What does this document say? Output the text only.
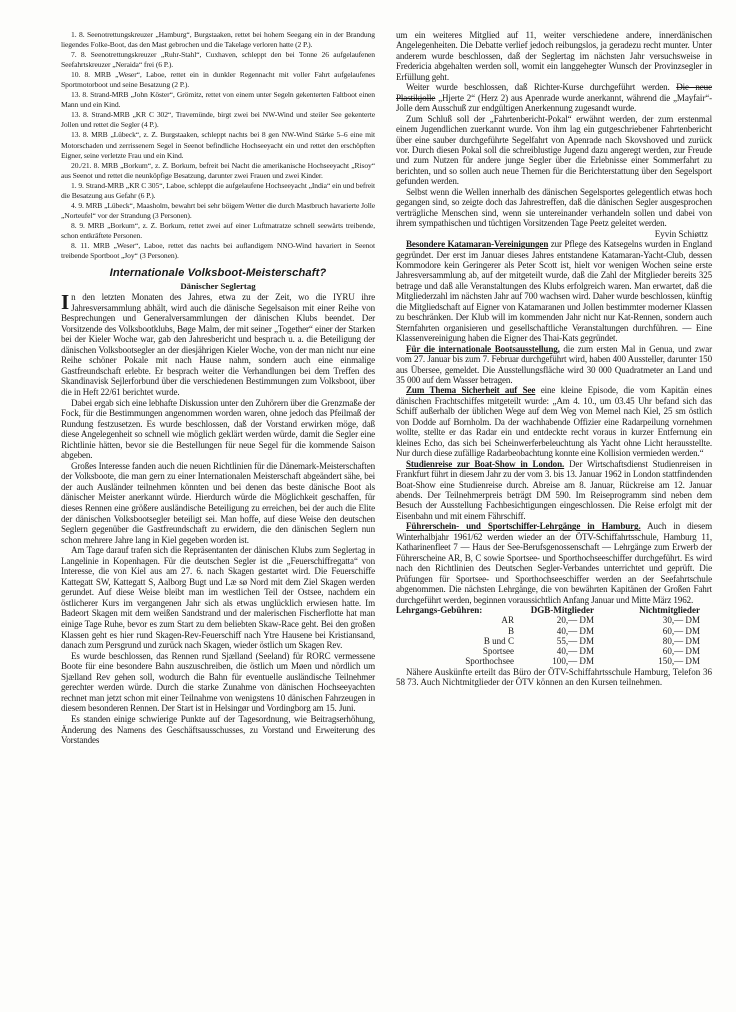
1. 8. Seenotrettungskreuzer „Hamburg“, Burgstaaken, rettet bei hohem Seegang ein in der Brandung liegendes Folke-Boot, das den Mast gebrochen und die Takelage verloren hatte (2 P.).

7. 8. Seenotrettungskreuzer „Ruhr-Stahl“, Cuxhaven, schleppt den bei Tonne 26 aufgelaufenen Seefahrtskreuzer „Neraida“ frei (6 P.).

10. 8. MRB „Weser“, Laboe, rettet ein in dunkler Regennacht mit voller Fahrt aufgelaufenes Sportmotorboot und seine Besatzung (2 P.).

13. 8. Strand-MRB „John Köster“, Grömitz, rettet von einem unter Segeln gekenterten Faltboot einen Mann und ein Kind.

13. 8. Strand-MRB „KR C 302“, Travemünde, birgt zwei bei NW-Wind und steiler See gekenterte Jollen und rettet die Segler (4 P.).

13. 8. MRB „Lübeck“, z. Z. Burgstaaken, schleppt nachts bei 8 gen NW-Wind Stärke 5–6 eine mit Motorschaden und zerrissenem Segel in Seenot befindliche Hochseeyacht ein und rettet den erschöpften Eigner, seine verletzte Frau und ein Kind.

20./21. 8. MRB „Borkum“, z. Z. Borkum, befreit bei Nacht die amerikanische Hochseeyacht „Risoy“ aus Seenot und rettet die neunköpfige Besatzung, darunter zwei Frauen und zwei Kinder.

1. 9. Strand-MRB „KR C 305“, Laboe, schleppt die aufgelaufene Hochseeyacht „India“ ein und befreit die Besatzung aus Gefahr (6 P.).

4. 9. MRB „Lübeck“, Maasholm, bewahrt bei sehr böigem Wetter die durch Mastbruch havarierte Jolle „Norteufel“ vor der Strandung (3 Personen).

8. 9. MRB „Borkum“, z. Z. Borkum, rettet zwei auf einer Luftmatratze schnell seewärts treibende, schon entkräftete Personen.

8. 11. MRB „Weser“, Laboe, rettet das nachts bei auflandigem NNO-Wind havariert in Seenot treibende Sportboot „Joy“ (3 Personen).

Internationale Volksboot-Meisterschaft?
Dänischer Seglertag

In den letzten Monaten des Jahres, etwa zu der Zeit, wo die IYRU ihre Jahresversammlung abhält, wird auch die dänische Segelsaison mit einer Reihe von Besprechungen und Generalversammlungen der dänischen Klubs beendet. Der Vorsitzende des Volksbootklubs, Bøge Malm, der mit seiner „Together“ einer der Starken bei der Kieler Woche war, gab den Jahresbericht und besprach u. a. die Beteiligung der dänischen Volksbootsegler an der diesjährigen Kieler Woche, von der man nicht nur eine Reihe schöner Pokale mit nach Hause nahm, sondern auch eine einmalige Gastfreundschaft erlebte. Er besprach weiter die Verhandlungen bei dem Treffen des Skandinavisk Sejlerforbund über die verschiedenen Bestimmungen zum Volksboot, über die in Heft 22/61 berichtet wurde.

Dabei ergab sich eine lebhafte Diskussion unter den Zuhörern über die Grenzmaße der Fock, für die Bestimmungen angenommen worden waren, ohne jedoch das Pfeilmaß der Rundung festzusetzen. Es wurde beschlossen, daß der Vorstand erwirken möge, daß diese Angelegenheit so schnell wie möglich geklärt werden würde, damit die Segler eine Richtlinie hätten, bevor sie die Bestellungen für neue Segel für die kommende Saison abgeben.

Großes Interesse fanden auch die neuen Richtlinien für die Dänemark-Meisterschaften der Volksboote, die man gern zu einer Internationalen Meisterschaft abgeändert sähe, bei der auch Ausländer teilnehmen könnten und bei denen das beste dänische Boot als dänischer Meister anerkannt würde. Hierdurch würde die Möglichkeit geschaffen, für dieses Rennen eine größere ausländische Beteiligung zu erreichen, bei der auch die Elite der dänischen Volksbootsegler beteiligt sei. Man hoffe, auf diese Weise den deutschen Seglern gegenüber die Gastfreundschaft zu erwidern, die den dänischen Seglern nun schon mehrere Jahre lang in Kiel gegeben worden ist.

Am Tage darauf trafen sich die Repräsentanten der dänischen Klubs zum Seglertag in Langelinie in Kopenhagen. Für die deutschen Segler ist die „Feuerschiffregatta“ von Interesse, die von Kiel aus am 27. 6. nach Skagen gestartet wird. Die Feuerschiffe Kattegatt SW, Kattegatt S, Aalborg Bugt und Læ sø Nord mit dem Ziel Skagen werden gerundet. Auf diese Weise bleibt man im westlichen Teil der Ostsee, nachdem ein östlicherer Kurs im vergangenen Jahr sich als etwas unglücklich erwiesen hatte. Im Badeort Skagen mit dem weißen Sandstrand und der malerischen Fischerflotte hat man einige Tage Ruhe, bevor es zum Start zu dem beliebten Skaw-Race geht. Bei den großen Klassen geht es hier rund Skagen-Rev-Feuerschiff nach Ytre Hausene bei Kristiansand, danach zum Persgrund und zurück nach Skagen, wieder östlich um Skagen Rev.

Es wurde beschlossen, das Rennen rund Sjælland (Seeland) für RORC vermessene Boote für eine besondere Bahn auszuschreiben, die östlich um Møen und nördlich um Sjælland Rev gehen soll, wodurch die Bahn für eventuelle ausländische Teilnehmer gerechter werden würde. Durch die starke Zunahme von dänischen Hochseeyachten rechnet man jetzt schon mit einer Teilnahme von wenigstens 10 dänischen Fahrzeugen in diesem besonderen Rennen. Der Start ist in Helsingør und Vordingborg am 15. Juni.

Es standen einige schwierige Punkte auf der Tagesordnung, wie Beitragserhöhung, Änderung des Namens des Geschäftsausschusses, zu Vorstand und Erweiterung des Vorstandes

um ein weiteres Mitglied auf 11, weiter verschiedene andere, innerdänischen Angelegenheiten. Die Debatte verlief jedoch reibungslos, ja geradezu recht munter. Unter anderem wurde beschlossen, daß der Seglertag im nächsten Jahr versuchsweise in Fredericia abgehalten werden soll, womit ein langgehegter Wunsch der Provinzsegler in Erfüllung geht.

Weiter wurde beschlossen, daß Richter-Kurse durchgeführt werden. Die neue Plastikjolle „Hjerte 2“ (Herz 2) aus Apenrade wurde anerkannt, während die „Mayfair“-Jolle dem Ausschuß zur endgültigen Anerkennung zugesandt wurde.

Zum Schluß soll der „Fahrtenbericht-Pokal“ erwähnt werden, der zum erstenmal einem Jugendlichen zuerkannt wurde. Von ihm lag ein gutgeschriebener Fahrtenbericht über eine sauber durchgeführte Segelfahrt von Apenrade nach Skovshoved und zurück vor. Durch diesen Pokal soll die schreiblustige Jugend dazu angeregt werden, zur Freude und zum Nutzen für andere junge Segler über die Erlebnisse einer Sommerfahrt zu berichten, und so sollen auch neue Themen für die Berichterstattung über den Segelsport gefunden werden.

Selbst wenn die Wellen innerhalb des dänischen Segelsportes gelegentlich etwas hoch gegangen sind, so zeigte doch das Jahrestreffen, daß die dänischen Segler ausgesprochen verträgliche Menschen sind, wenn sie untereinander verhandeln sollen und dabei von ihrem sympathischen und tüchtigen Vorsitzenden Tage Peetz geleitet werden.

Eyvin Schiøttz

Besondere Katamaran-Vereinigungen zur Pflege des Katsegelns wurden in England gegründet. Der erst im Januar dieses Jahres entstandene Katamaran-Yacht-Club, dessen Kommodore kein Geringerer als Peter Scott ist, hielt vor wenigen Wochen seine erste Jahresversammlung ab, auf der mitgeteilt wurde, daß die Zahl der Mitglieder bereits 325 betrage und daß alle Veranstaltungen des Klubs erfolgreich waren. Man erwartet, daß die Mitgliederzahl im nächsten Jahr auf 700 wachsen wird. Daher wurde beschlossen, künftig die Mitgliedschaft auf Eigner von Katamaranen und Jollen bestimmter moderner Klassen zu beschränken. Der Klub will im kommenden Jahr nicht nur Kat-Rennen, sondern auch Sternfahrten organisieren und gesellschaftliche Veranstaltungen durchführen. — Eine Klassenvereinigung haben die Eigner des Thai-Kats gegründet.

Für die internationale Bootsausstellung, die zum ersten Mal in Genua, und zwar vom 27. Januar bis zum 7. Februar durchgeführt wird, haben 400 Aussteller, darunter 150 aus Übersee, gemeldet. Die Ausstellungsfläche wird 30 000 Quadratmeter an Land und 35 000 auf dem Wasser betragen.

Zum Thema Sicherheit auf See eine kleine Episode, die vom Kapitän eines dänischen Frachtschiffes mitgeteilt wurde: „Am 4. 10., um 03.45 Uhr befand sich das Schiff außerhalb der üblichen Wege auf dem Weg von Memel nach Kiel, 25 sm östlich von Dodde auf Bornholm. Da der wachhabende Offizier eine Radarpeilung vornehmen wollte, stellte er das Radar ein und entdeckte recht voraus in kurzer Entfernung ein kleines Echo, das sich bei Scheinwerferbeleuchtung als Yacht ohne Licht herausstellte. Nur durch diese zufällige Radarbeobachtung konnte eine Kollision vermieden werden.“

Studienreise zur Boat-Show in London. Der Wirtschaftsdienst Studienreisen in Frankfurt führt in diesem Jahr zu der vom 3. bis 13. Januar 1962 in London stattfindenden Boat-Show eine Studienreise durch. Abreise am 8. Januar, Rückreise am 12. Januar abends. Der Teilnehmerpreis beträgt DM 590. Im Reiseprogramm sind neben dem Besuch der Ausstellung Fachbesichtigungen eingeschlossen. Die Reise erfolgt mit der Eisenbahn und mit einem Fährschiff.

Führerschein- und Sportschiffer-Lehrgänge in Hamburg. Auch in diesem Winterhalbjahr 1961/62 werden wieder an der ÖTV-Schiffahrtsschule, Hamburg 11, Katharinenfleet 7 — Haus der See-Berufsgenossenschaft — Lehrgänge zum Erwerb der Führerscheine AR, B, C sowie Sportsee- und Sporthochseeschiffer durchgeführt. Es wird nach den Richtlinien des Deutschen Segler-Verbandes unterrichtet und geprüft. Die Prüfungen für Sportsee- und Sporthochseeschiffer werden an der Seefahrtschule abgenommen. Die nächsten Lehrgänge, die von bewährten Kapitänen der Großen Fahrt durchgeführt werden, beginnen voraussichtlich Anfang Januar und Mitte März 1962.

Lehrgangs-Gebühren:	DGB-Mitglieder	Nichtmitglieder
AR	20,— DM	30,— DM
B	40,— DM	60,— DM
B und C	55,— DM	80,— DM
Sportsee	40,— DM	60,— DM
Sporthochsee	100,— DM	150,— DM

Nähere Auskünfte erteilt das Büro der ÖTV-Schiffahrtsschule Hamburg, Telefon 36 58 73. Auch Nichtmitglieder der ÖTV können an den Kursen teilnehmen.
